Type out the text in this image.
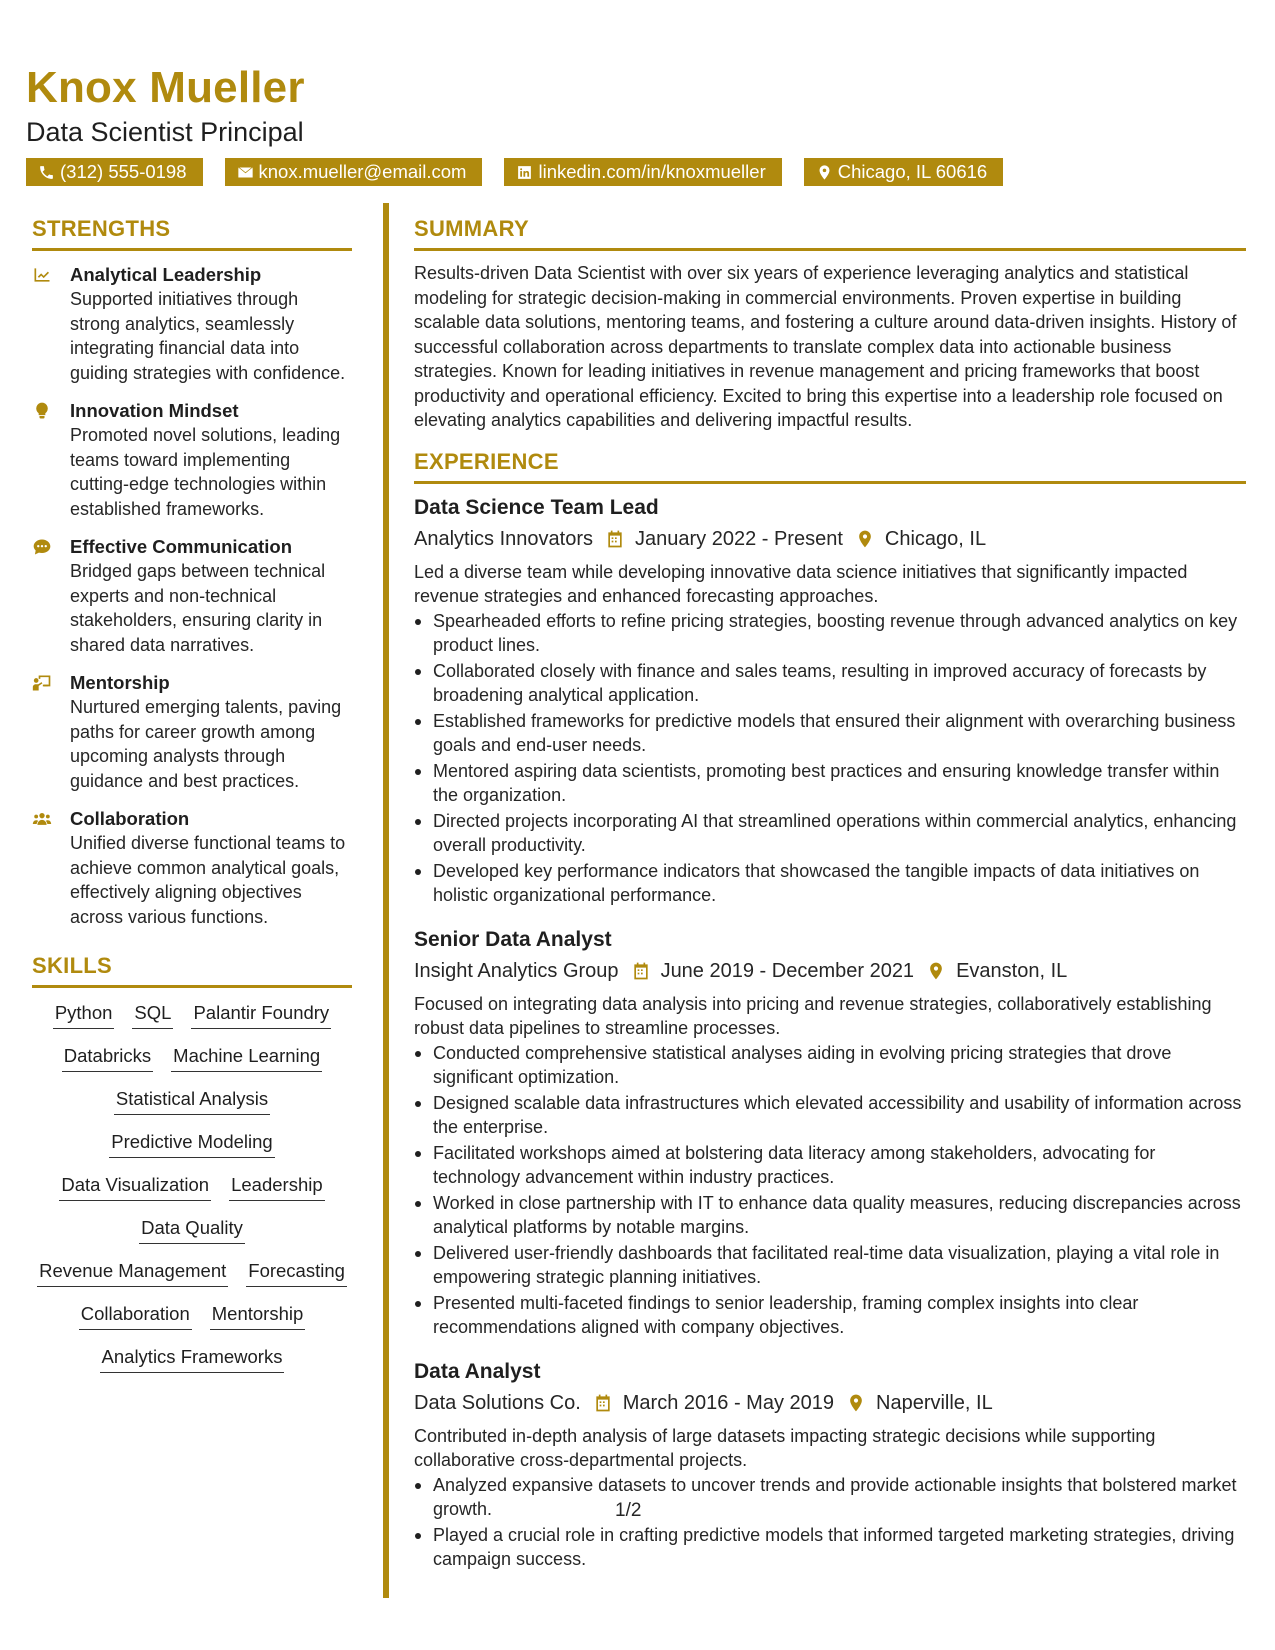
Knox Mueller
Data Scientist Principal
(312) 555-0198	knox.mueller@email.com	linkedin.com/in/knoxmueller	Chicago, IL 60616
STRENGTHS
Analytical Leadership
Supported initiatives through strong analytics, seamlessly integrating financial data into guiding strategies with confidence.
Innovation Mindset
Promoted novel solutions, leading teams toward implementing cutting-edge technologies within established frameworks.
Effective Communication
Bridged gaps between technical experts and non-technical stakeholders, ensuring clarity in shared data narratives.
Mentorship
Nurtured emerging talents, paving paths for career growth among upcoming analysts through guidance and best practices.
Collaboration
Unified diverse functional teams to achieve common analytical goals, effectively aligning objectives across various functions.
SKILLS
Python SQL Palantir Foundry
Databricks Machine Learning
Statistical Analysis
Predictive Modeling
Data Visualization Leadership
Data Quality
Revenue Management Forecasting
Collaboration Mentorship
Analytics Frameworks
SUMMARY
Results-driven Data Scientist with over six years of experience leveraging analytics and statistical modeling for strategic decision-making in commercial environments. Proven expertise in building scalable data solutions, mentoring teams, and fostering a culture around data-driven insights. History of successful collaboration across departments to translate complex data into actionable business strategies. Known for leading initiatives in revenue management and pricing frameworks that boost productivity and operational efficiency. Excited to bring this expertise into a leadership role focused on elevating analytics capabilities and delivering impactful results.
EXPERIENCE
Data Science Team Lead
Analytics Innovators January 2022 - Present Chicago, IL
Led a diverse team while developing innovative data science initiatives that significantly impacted revenue strategies and enhanced forecasting approaches.
Spearheaded efforts to refine pricing strategies, boosting revenue through advanced analytics on key product lines.
Collaborated closely with finance and sales teams, resulting in improved accuracy of forecasts by broadening analytical application.
Established frameworks for predictive models that ensured their alignment with overarching business goals and end-user needs.
Mentored aspiring data scientists, promoting best practices and ensuring knowledge transfer within the organization.
Directed projects incorporating AI that streamlined operations within commercial analytics, enhancing overall productivity.
Developed key performance indicators that showcased the tangible impacts of data initiatives on holistic organizational performance.
Senior Data Analyst
Insight Analytics Group June 2019 - December 2021 Evanston, IL
Focused on integrating data analysis into pricing and revenue strategies, collaboratively establishing robust data pipelines to streamline processes.
Conducted comprehensive statistical analyses aiding in evolving pricing strategies that drove significant optimization.
Designed scalable data infrastructures which elevated accessibility and usability of information across the enterprise.
Facilitated workshops aimed at bolstering data literacy among stakeholders, advocating for technology advancement within industry practices.
Worked in close partnership with IT to enhance data quality measures, reducing discrepancies across analytical platforms by notable margins.
Delivered user-friendly dashboards that facilitated real-time data visualization, playing a vital role in empowering strategic planning initiatives.
Presented multi-faceted findings to senior leadership, framing complex insights into clear recommendations aligned with company objectives.
Data Analyst
Data Solutions Co. March 2016 - May 2019 Naperville, IL
Contributed in-depth analysis of large datasets impacting strategic decisions while supporting collaborative cross-departmental projects.
Analyzed expansive datasets to uncover trends and provide actionable insights that bolstered market growth.
Played a crucial role in crafting predictive models that informed targeted marketing strategies, driving campaign success.
1/2
